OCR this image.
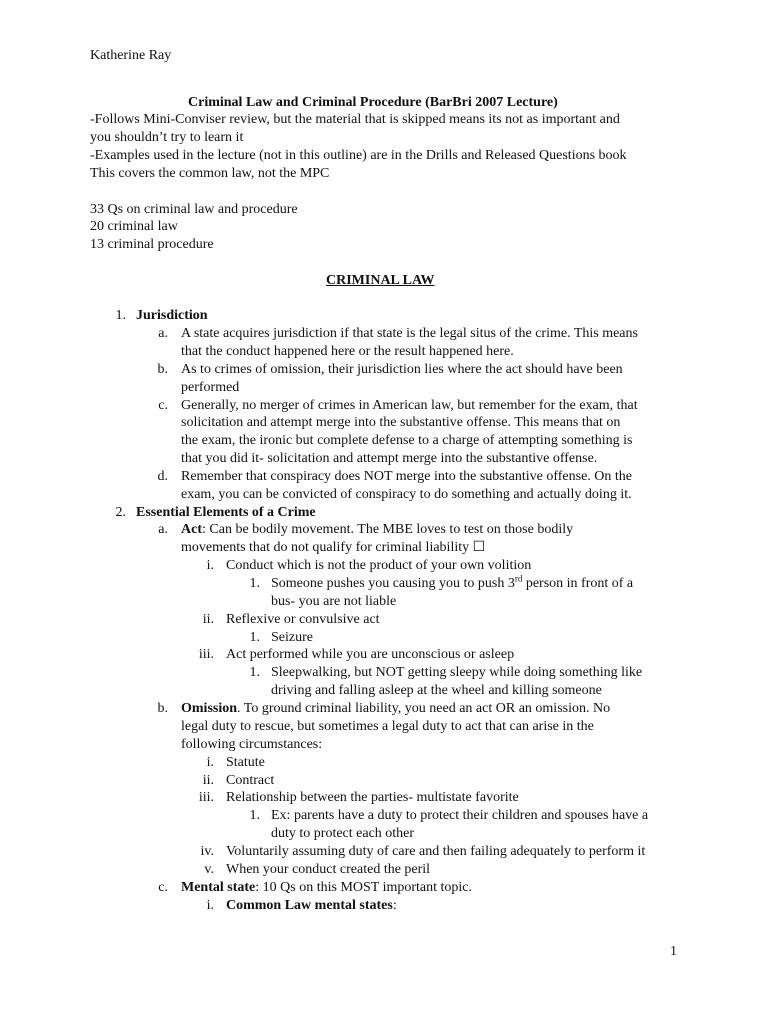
Katherine Ray
Criminal Law and Criminal Procedure (BarBri 2007 Lecture)
-Follows Mini-Conviser review, but the material that is skipped means its not as important and
you shouldn’t try to learn it
-Examples used in the lecture (not in this outline) are in the Drills and Released Questions book
This covers the common law, not the MPC
33 Qs on criminal law and procedure
20 criminal law
13 criminal procedure
CRIMINAL LAW
1. Jurisdiction
a. A state acquires jurisdiction if that state is the legal situs of the crime. This means
that the conduct happened here or the result happened here.
b. As to crimes of omission, their jurisdiction lies where the act should have been
performed
c. Generally, no merger of crimes in American law, but remember for the exam, that
solicitation and attempt merge into the substantive offense. This means that on
the exam, the ironic but complete defense to a charge of attempting something is
that you did it- solicitation and attempt merge into the substantive offense.
d. Remember that conspiracy does NOT merge into the substantive offense. On the
exam, you can be convicted of conspiracy to do something and actually doing it.
2. Essential Elements of a Crime
a. Act: Can be bodily movement. The MBE loves to test on those bodily
movements that do not qualify for criminal liability ☐
i. Conduct which is not the product of your own volition
1. Someone pushes you causing you to push 3rd person in front of a
bus- you are not liable
ii. Reflexive or convulsive act
1. Seizure
iii. Act performed while you are unconscious or asleep
1. Sleepwalking, but NOT getting sleepy while doing something like
driving and falling asleep at the wheel and killing someone
b. Omission. To ground criminal liability, you need an act OR an omission. No
legal duty to rescue, but sometimes a legal duty to act that can arise in the
following circumstances:
i. Statute
ii. Contract
iii. Relationship between the parties- multistate favorite
1. Ex: parents have a duty to protect their children and spouses have a
duty to protect each other
iv. Voluntarily assuming duty of care and then failing adequately to perform it
v. When your conduct created the peril
c. Mental state: 10 Qs on this MOST important topic.
i. Common Law mental states:
1
